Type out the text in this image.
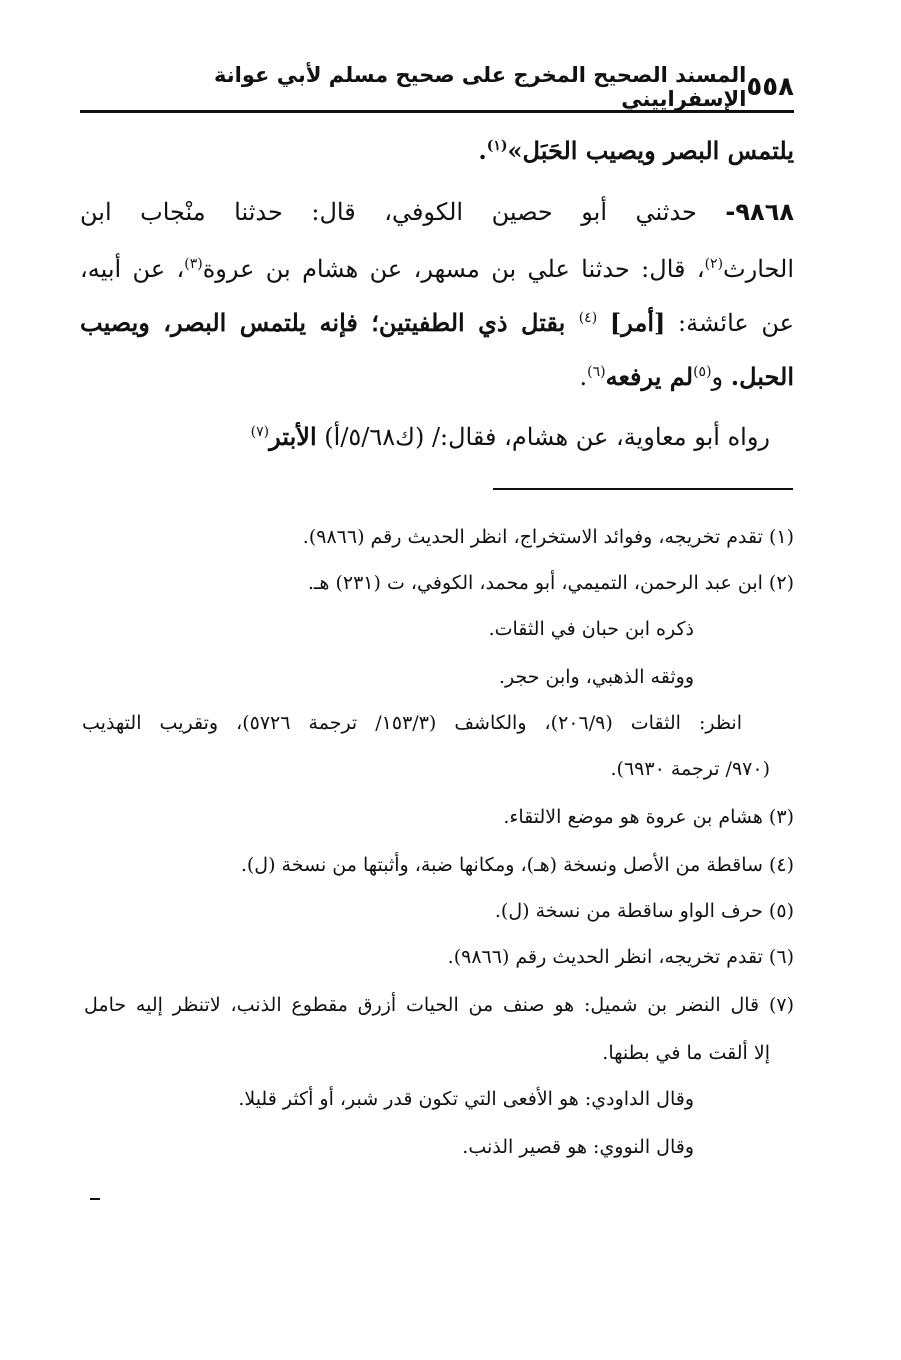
٥٥٨
المسند الصحيح المخرج على صحيح مسلم لأبي عوانة الإسفراييني
يلتمس البصر ويصيب الحَبَل»$^{(١)}$.
٩٨٦٨- حدثني أبو حصين الكوفي، قال: حدثنا منْجاب ابن
الحارث$^{(٢)}$، قال: حدثنا علي بن مسهر، عن هشام بن عروة$^{(٣)}$، عن أبيه،
عن عائشة: [أمر] $^{(٤)}$ بقتل ذي الطفيتين؛ فإنه يلتمس البصر، ويصيب
الحبل. و$^{(٥)}$لم يرفعه$^{(٦)}$.
رواه أبو معاوية، عن هشام، فقال:/ (ك٥/٦٨/أ) الأبتر$^{(٧)}$
(١) تقدم تخريجه، وفوائد الاستخراج، انظر الحديث رقم (٩٨٦٦).
(٢) ابن عبد الرحمن، التميمي، أبو محمد، الكوفي، ت (٢٣١) هـ.
ذكره ابن حبان في الثقات.
ووثقه الذهبي، وابن حجر.
انظر: الثقات (٢٠٦/٩)، والكاشف (١٥٣/٣/ ترجمة ٥٧٢٦)، وتقريب التهذيب
(٩٧٠/ ترجمة ٦٩٣٠).
(٣) هشام بن عروة هو موضع الالتقاء.
(٤) ساقطة من الأصل ونسخة (هـ)، ومكانها ضبة، وأثبتها من نسخة (ل).
(٥) حرف الواو ساقطة من نسخة (ل).
(٦) تقدم تخريجه، انظر الحديث رقم (٩٨٦٦).
(٧) قال النضر بن شميل: هو صنف من الحيات أزرق مقطوع الذنب، لاتنظر إليه حامل
إلا ألقت ما في بطنها.
وقال الداودي: هو الأفعى التي تكون قدر شبر، أو أكثر قليلا.
وقال النووي: هو قصير الذنب.
